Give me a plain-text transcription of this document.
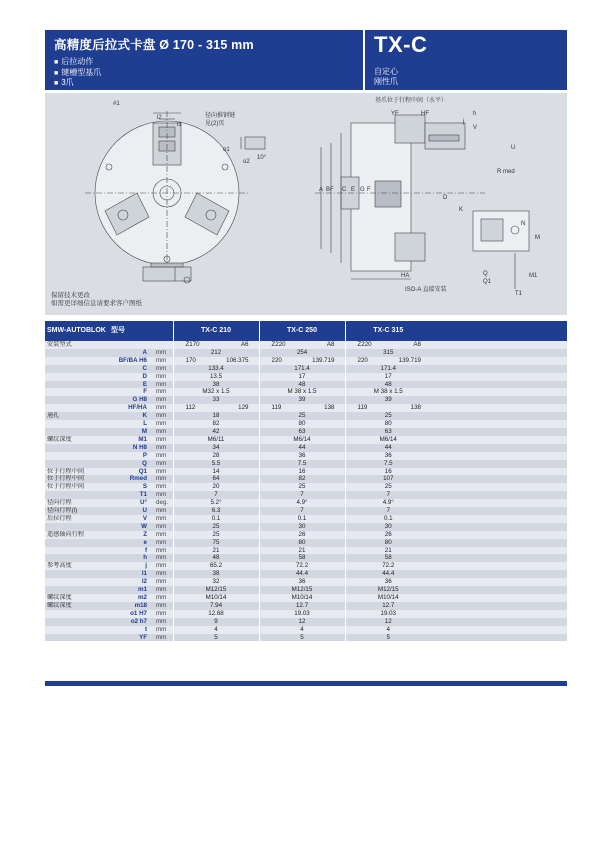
高精度后拉式卡盘 Ø 170 - 315 mm
■ 后拉动作
■ 键槽型基爪
■ 3爪
TX-C
自定心
刚性爪
#1
l2
l1
o1
o2
10°
径向推钢键
见(2)页
基爪位于行程中间（水平）
YF	HF	h
j
V
U
R med
A BF C E G F
D
K
N
M
HA	Q
Q1
M1
T1
ISO-A 直接安装
保留技术更改
如需更详细信息请要求客户图纸
SMW-AUTOBLOK	型号		TX-C 210		TX-C 250		TX-C 315		
安装型式			Z170	A6	Z220	A8	Z220	A8	
	A	mm	212		254		315		
	BF/BA H6	mm	170	106.375	220	139.719	220	139.719	
	C	mm	133.4		171.4		171.4		
	D	mm	13.5		17		17		
	E	mm	38		48		48		
	F	mm	M32 x 1.5		M 38 x 1.5		M 38 x 1.5		
	G H8	mm	33		39		39		
	HF/HA	mm	112	129	119	138	119	138	
通孔	K	mm	18		25		25		
	L	mm	82		80		80		
	M	mm	42		63		63		
螺纹深度	M1	mm	M6/11		M6/14		M6/14		
	N H8	mm	34		44		44		
	P	mm	28		36		36		
	Q	mm	5.5		7.5		7.5		
位于行程中间	Q1	mm	14		16		16		
位于行程中间	Rmed	mm	64		82		107		
位于行程中间	S	mm	20		25		25		
	T1	mm	7		7		7		
径向行程	U°	deg.	5.2°		4.9°		4.9°		
径向行程(l)	U	mm	6.3		7		7		
后拉行程	V	mm	0.1		0.1		0.1		
	W	mm	25		30		30		
遥感轴向行程	Z	mm	25		26		26		
	e	mm	75		80		80		
	f	mm	21		21		21		
	h	mm	48		58		58		
参考高度	j	mm	65.2		72.2		72.2		
	l1	mm	38		44.4		44.4		
	l2	mm	32		36		36		
	m1	mm	M12/15		M12/15		M12/15		
螺纹深度	m2	mm	M10/14		M10/14		M10/14		
螺纹深度	m18	mm	7.94		12.7		12.7		
	o1 H7	mm	12.68		19.03		19.03		
	o2 h7	mm	9		12		12		
	t	mm	4		4		4		
	YF	mm	5		5		5		
